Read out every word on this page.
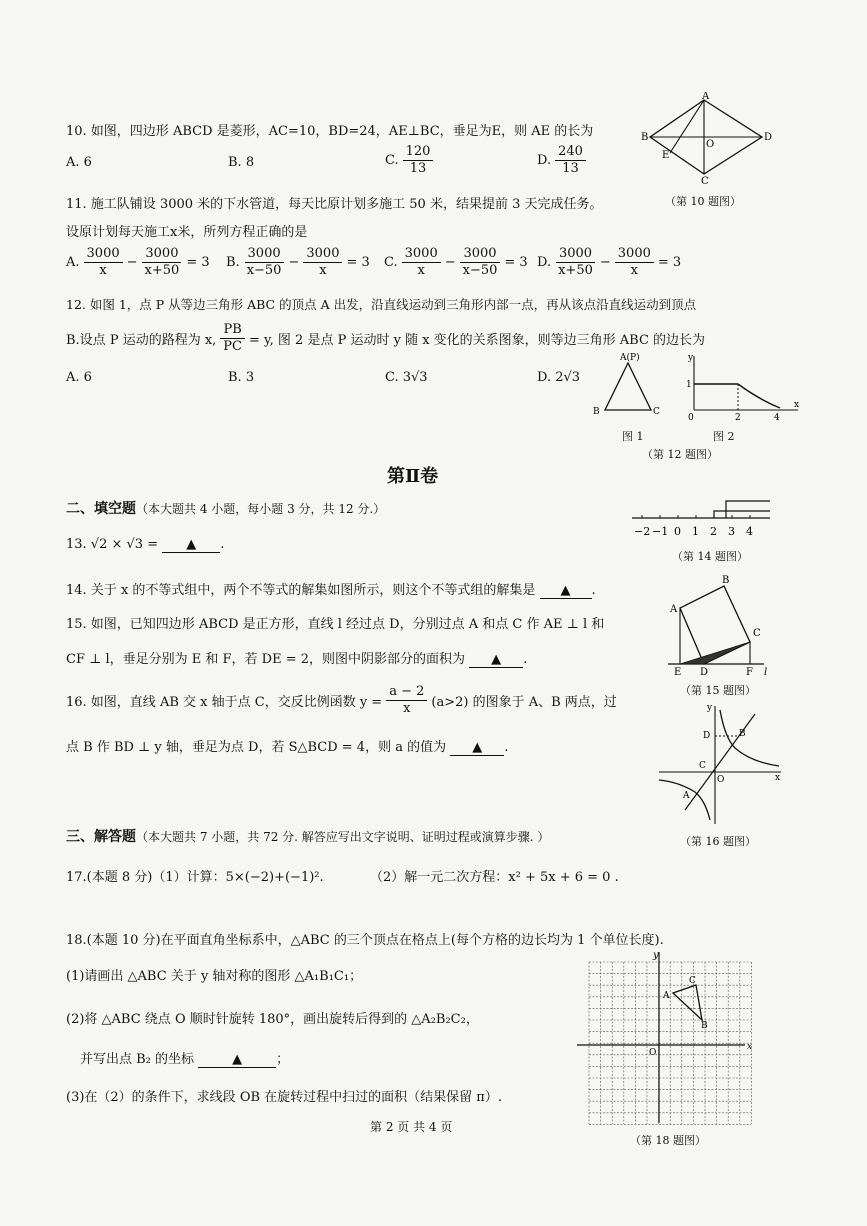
10. 如图，四边形 ABCD 是菱形，AC=10，BD=24，AE⊥BC，垂足为E，则 AE 的长为
A. 6	B. 8	C. $\frac{120}{13}$	D. $\frac{240}{13}$
A
B	D
C
E
O
（第 10 题图）
11. 施工队铺设 3000 米的下水管道，每天比原计划多施工 50 米，结果提前 3 天完成任务。
设原计划每天施工x米，所列方程正确的是
A. $\frac{3000}{x} - \frac{3000}{x+50} = 3$ B. $\frac{3000}{x-50} - \frac{3000}{x} = 3$ C. $\frac{3000}{x} - \frac{3000}{x-50} = 3$ D. $\frac{3000}{x+50} - \frac{3000}{x} = 3$
12. 如图 1，点 P 从等边三角形 ABC 的顶点 A 出发，沿直线运动到三角形内部一点，再从该点沿直线运动到顶点
B.设点 P 运动的路程为 x, $\frac{PB}{PC} = y$, 图 2 是点 P 运动时 y 随 x 变化的关系图象，则等边三角形 ABC 的边长为
A. 6	B. 3	C. 3√3	D. 2√3
A(P)
B	C
y
1
0	2	4
x
图 1	图 2
（第 12 题图）
第Ⅱ卷
二、填空题（本大题共 4 小题，每小题 3 分，共 12 分.）
13. √2 × √3 = ▲ .
−2 −1 0 1 2 3 4
（第 14 题图）
14. 关于 x 的不等式组中，两个不等式的解集如图所示，则这个不等式组的解集是 ▲ .
15. 如图，已知四边形 ABCD 是正方形，直线 l 经过点 D，分别过点 A 和点 C 作 AE ⊥ l 和
CF ⊥ l，垂足分别为 E 和 F，若 DE = 2，则图中阴影部分的面积为 ▲ .
A
B
C
E D	F l
（第 15 题图）
16. 如图，直线 AB 交 x 轴于点 C，交反比例函数 $y = \frac{a - 2}{x} (a>2)$ 的图象于 A、B 两点，过
点 B 作 BD ⊥ y 轴，垂足为点 D，若 S△BCD = 4，则 a 的值为 ▲ .
y
D	B
C
O
A
x
（第 16 题图）
三、解答题（本大题共 7 小题，共 72 分. 解答应写出文字说明、证明过程或演算步骤. ）
17.(本题 8 分)（1）计算：5×(−2)+(−1)².	（2）解一元二次方程：x² + 5x + 6 = 0 .
18.(本题 10 分)在平面直角坐标系中，△ABC 的三个顶点在格点上(每个方格的边长均为 1 个单位长度).
(1)请画出 △ABC 关于 y 轴对称的图形 △A₁B₁C₁；
(2)将 △ABC 绕点 O 顺时针旋转 180°，画出旋转后得到的 △A₂B₂C₂，
并写出点 B₂ 的坐标	▲	；
(3)在（2）的条件下，求线段 OB 在旋转过程中扫过的面积（结果保留 π）.
y
A
C
B
O
x
（第 18 题图）
第 2 页 共 4 页
